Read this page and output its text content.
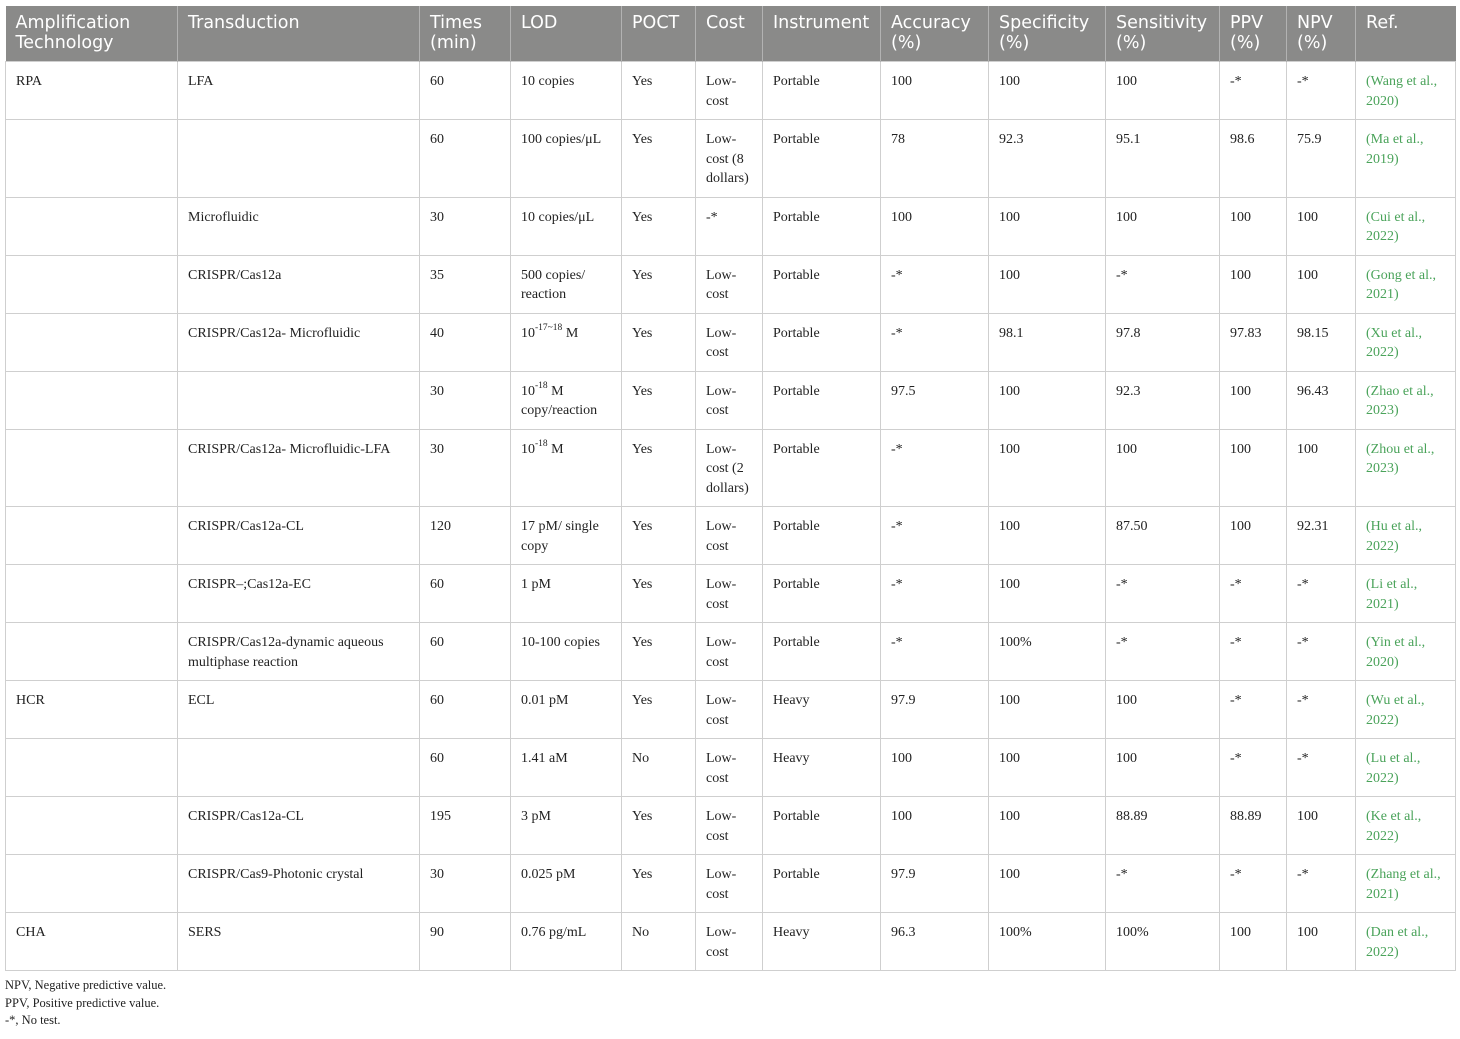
Amplification Technology	Transduction	Times (min)	LOD	POCT	Cost	Instrument	Accuracy (%)	Specificity (%)	Sensitivity (%)	PPV (%)	NPV (%)	Ref.
RPA	LFA	60	10 copies	Yes	Low-cost	Portable	100	100	100	-*	-*	(Wang et al., 2020)
		60	100 copies/μL	Yes	Low-cost (8 dollars)	Portable	78	92.3	95.1	98.6	75.9	(Ma et al., 2019)
	Microfluidic	30	10 copies/μL	Yes	-*	Portable	100	100	100	100	100	(Cui et al., 2022)
	CRISPR/Cas12a	35	500 copies/ reaction	Yes	Low-cost	Portable	-*	100	-*	100	100	(Gong et al., 2021)
	CRISPR/Cas12a- Microfluidic	40	$10^{-17\sim 18}$ M	Yes	Low-cost	Portable	-*	98.1	97.8	97.83	98.15	(Xu et al., 2022)
		30	$10^{-18}$ M copy/reaction	Yes	Low-cost	Portable	97.5	100	92.3	100	96.43	(Zhao et al., 2023)
	CRISPR/Cas12a- Microfluidic-LFA	30	$10^{-18}$ M	Yes	Low-cost (2 dollars)	Portable	-*	100	100	100	100	(Zhou et al., 2023)
	CRISPR/Cas12a-CL	120	17 pM/ single copy	Yes	Low-cost	Portable	-*	100	87.50	100	92.31	(Hu et al., 2022)
	CRISPR–;Cas12a-EC	60	1 pM	Yes	Low-cost	Portable	-*	100	-*	-*	-*	(Li et al., 2021)
	CRISPR/Cas12a-dynamic aqueous multiphase reaction	60	10-100 copies	Yes	Low-cost	Portable	-*	100%	-*	-*	-*	(Yin et al., 2020)
HCR	ECL	60	0.01 pM	Yes	Low-cost	Heavy	97.9	100	100	-*	-*	(Wu et al., 2022)
		60	1.41 aM	No	Low-cost	Heavy	100	100	100	-*	-*	(Lu et al., 2022)
	CRISPR/Cas12a-CL	195	3 pM	Yes	Low-cost	Portable	100	100	88.89	88.89	100	(Ke et al., 2022)
	CRISPR/Cas9-Photonic crystal	30	0.025 pM	Yes	Low-cost	Portable	97.9	100	-*	-*	-*	(Zhang et al., 2021)
CHA	SERS	90	0.76 pg/mL	No	Low-cost	Heavy	96.3	100%	100%	100	100	(Dan et al., 2022)
NPV, Negative predictive value.
PPV, Positive predictive value.
-*, No test.
